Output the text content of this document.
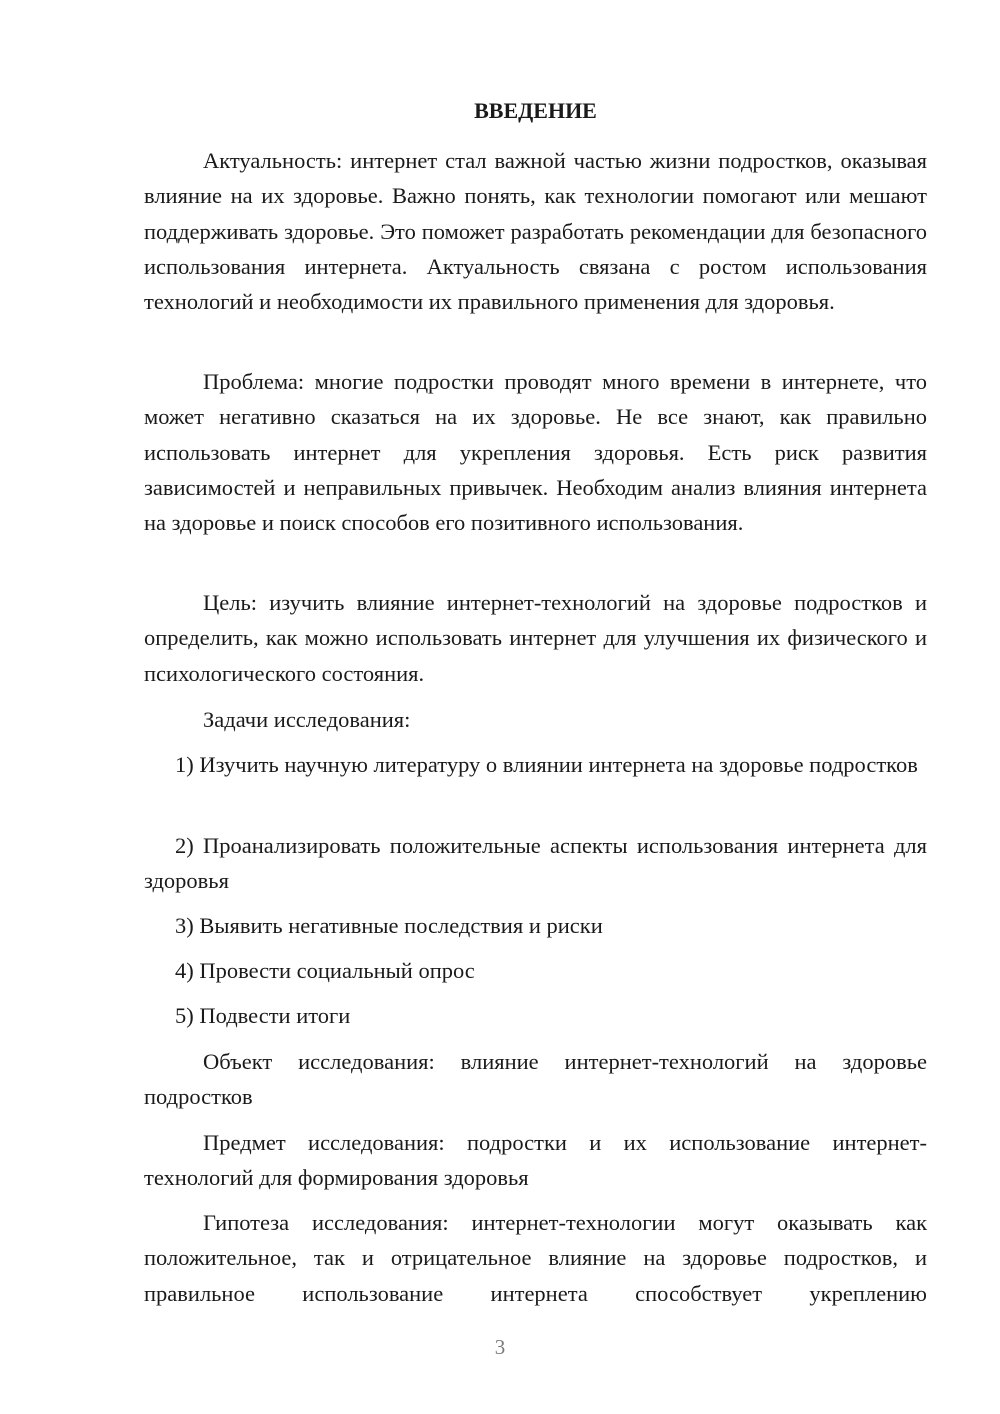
ВВЕДЕНИЕ

Актуальность: интернет стал важной частью жизни подростков, оказывая влияние на их здоровье. Важно понять, как технологии помогают или мешают поддерживать здоровье. Это поможет разработать рекомендации для безопасного использования интернета. Актуальность связана с ростом использования технологий и необходимости их правильного применения для здоровья.

Проблема: многие подростки проводят много времени в интернете, что может негативно сказаться на их здоровье. Не все знают, как правильно использовать интернет для укрепления здоровья. Есть риск развития зависимостей и неправильных привычек. Необходим анализ влияния интернета на здоровье и поиск способов его позитивного использования.

Цель: изучить влияние интернет-технологий на здоровье подростков и определить, как можно использовать интернет для улучшения их физического и психологического состояния.

Задачи исследования:

1) Изучить научную литературу о влиянии интернета на здоровье подростков

2) Проанализировать положительные аспекты использования интернета для здоровья

3) Выявить негативные последствия и риски

4) Провести социальный опрос

5) Подвести итоги

Объект исследования: влияние интернет-технологий на здоровье подростков

Предмет исследования: подростки и их использование интернет-технологий для формирования здоровья

Гипотеза исследования: интернет-технологии могут оказывать как положительное, так и отрицательное влияние на здоровье подростков, и правильное использование интернета способствует укреплению

3
